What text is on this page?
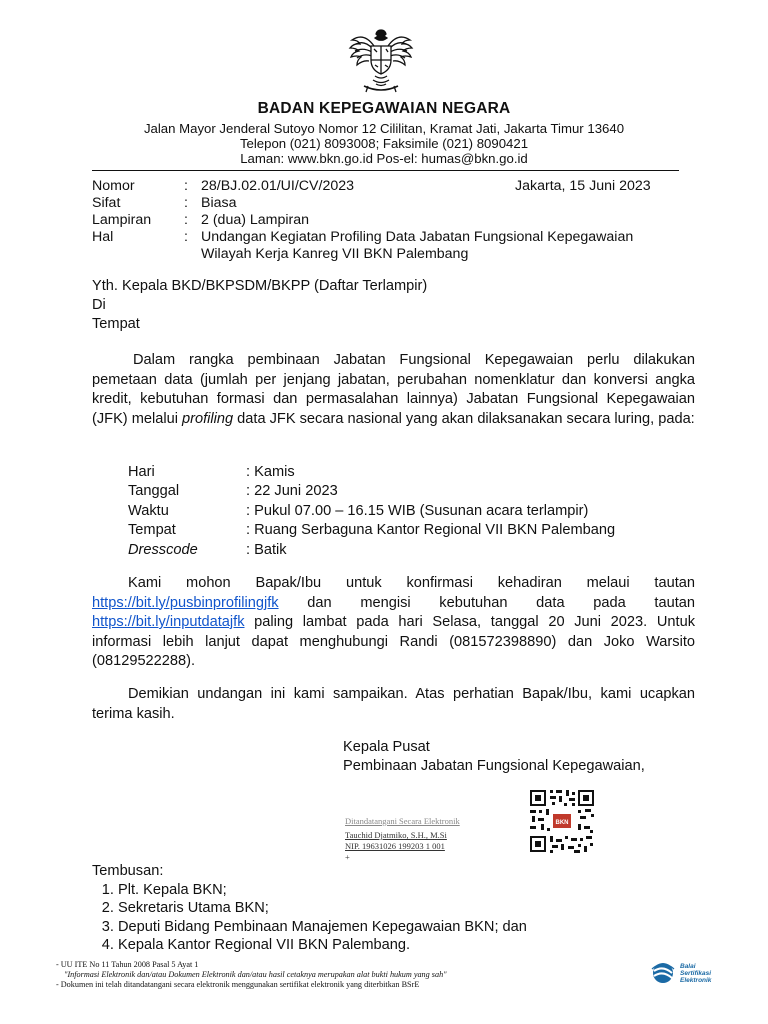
BADAN KEPEGAWAIAN NEGARA
Jalan Mayor Jenderal Sutoyo Nomor 12 Cililitan, Kramat Jati, Jakarta Timur 13640
Telepon (021) 8093008; Faksimile (021) 8090421
Laman: www.bkn.go.id Pos-el: humas@bkn.go.id
Nomor	:	28/BJ.02.01/UI/CV/2023
Sifat	:	Biasa
Lampiran	:	2 (dua) Lampiran
Hal	:	Undangan Kegiatan Profiling Data Jabatan Fungsional Kepegawaian
Wilayah Kerja Kanreg VII BKN Palembang
Jakarta, 15 Juni 2023
Yth. Kepala BKD/BKPSDM/BKPP (Daftar Terlampir)
Di
Tempat
Dalam rangka pembinaan Jabatan Fungsional Kepegawaian perlu dilakukan pemetaan data (jumlah per jenjang jabatan, perubahan nomenklatur dan konversi angka kredit, kebutuhan formasi dan permasalahan lainnya) Jabatan Fungsional Kepegawaian (JFK) melalui profiling data JFK secara nasional yang akan dilaksanakan secara luring, pada:
Hari	: Kamis
Tanggal	: 22 Juni 2023
Waktu	: Pukul 07.00 – 16.15 WIB (Susunan acara terlampir)
Tempat	: Ruang Serbaguna Kantor Regional VII BKN Palembang
Dresscode	: Batik
Kami mohon Bapak/Ibu untuk konfirmasi kehadiran melaui tautan https://bit.ly/pusbinprofilingjfk dan mengisi kebutuhan data pada tautan https://bit.ly/inputdatajfk paling lambat pada hari Selasa, tanggal 20 Juni 2023. Untuk informasi lebih lanjut dapat menghubungi Randi (081572398890) dan Joko Warsito (08129522288).
Demikian undangan ini kami sampaikan. Atas perhatian Bapak/Ibu, kami ucapkan terima kasih.
Kepala Pusat
Pembinaan Jabatan Fungsional Kepegawaian,
Ditandatangani Secara Elektronik
Tauchid Djatmiko, S.H., M.Si
NIP. 19631026 199203 1 001
+
BKN
Tembusan:
1. Plt. Kepala BKN;
2. Sekretaris Utama BKN;
3. Deputi Bidang Pembinaan Manajemen Kepegawaian BKN; dan
4. Kepala Kantor Regional VII BKN Palembang.
- UU ITE No 11 Tahun 2008 Pasal 5 Ayat 1
"Informasi Elektronik dan/atau Dokumen Elektronik dan/atau hasil cetaknya merupakan alat bukti hukum yang sah"
- Dokumen ini telah ditandatangani secara elektronik menggunakan sertifikat elektronik yang diterbitkan BSrE
Balai
Sertifikasi
Elektronik
